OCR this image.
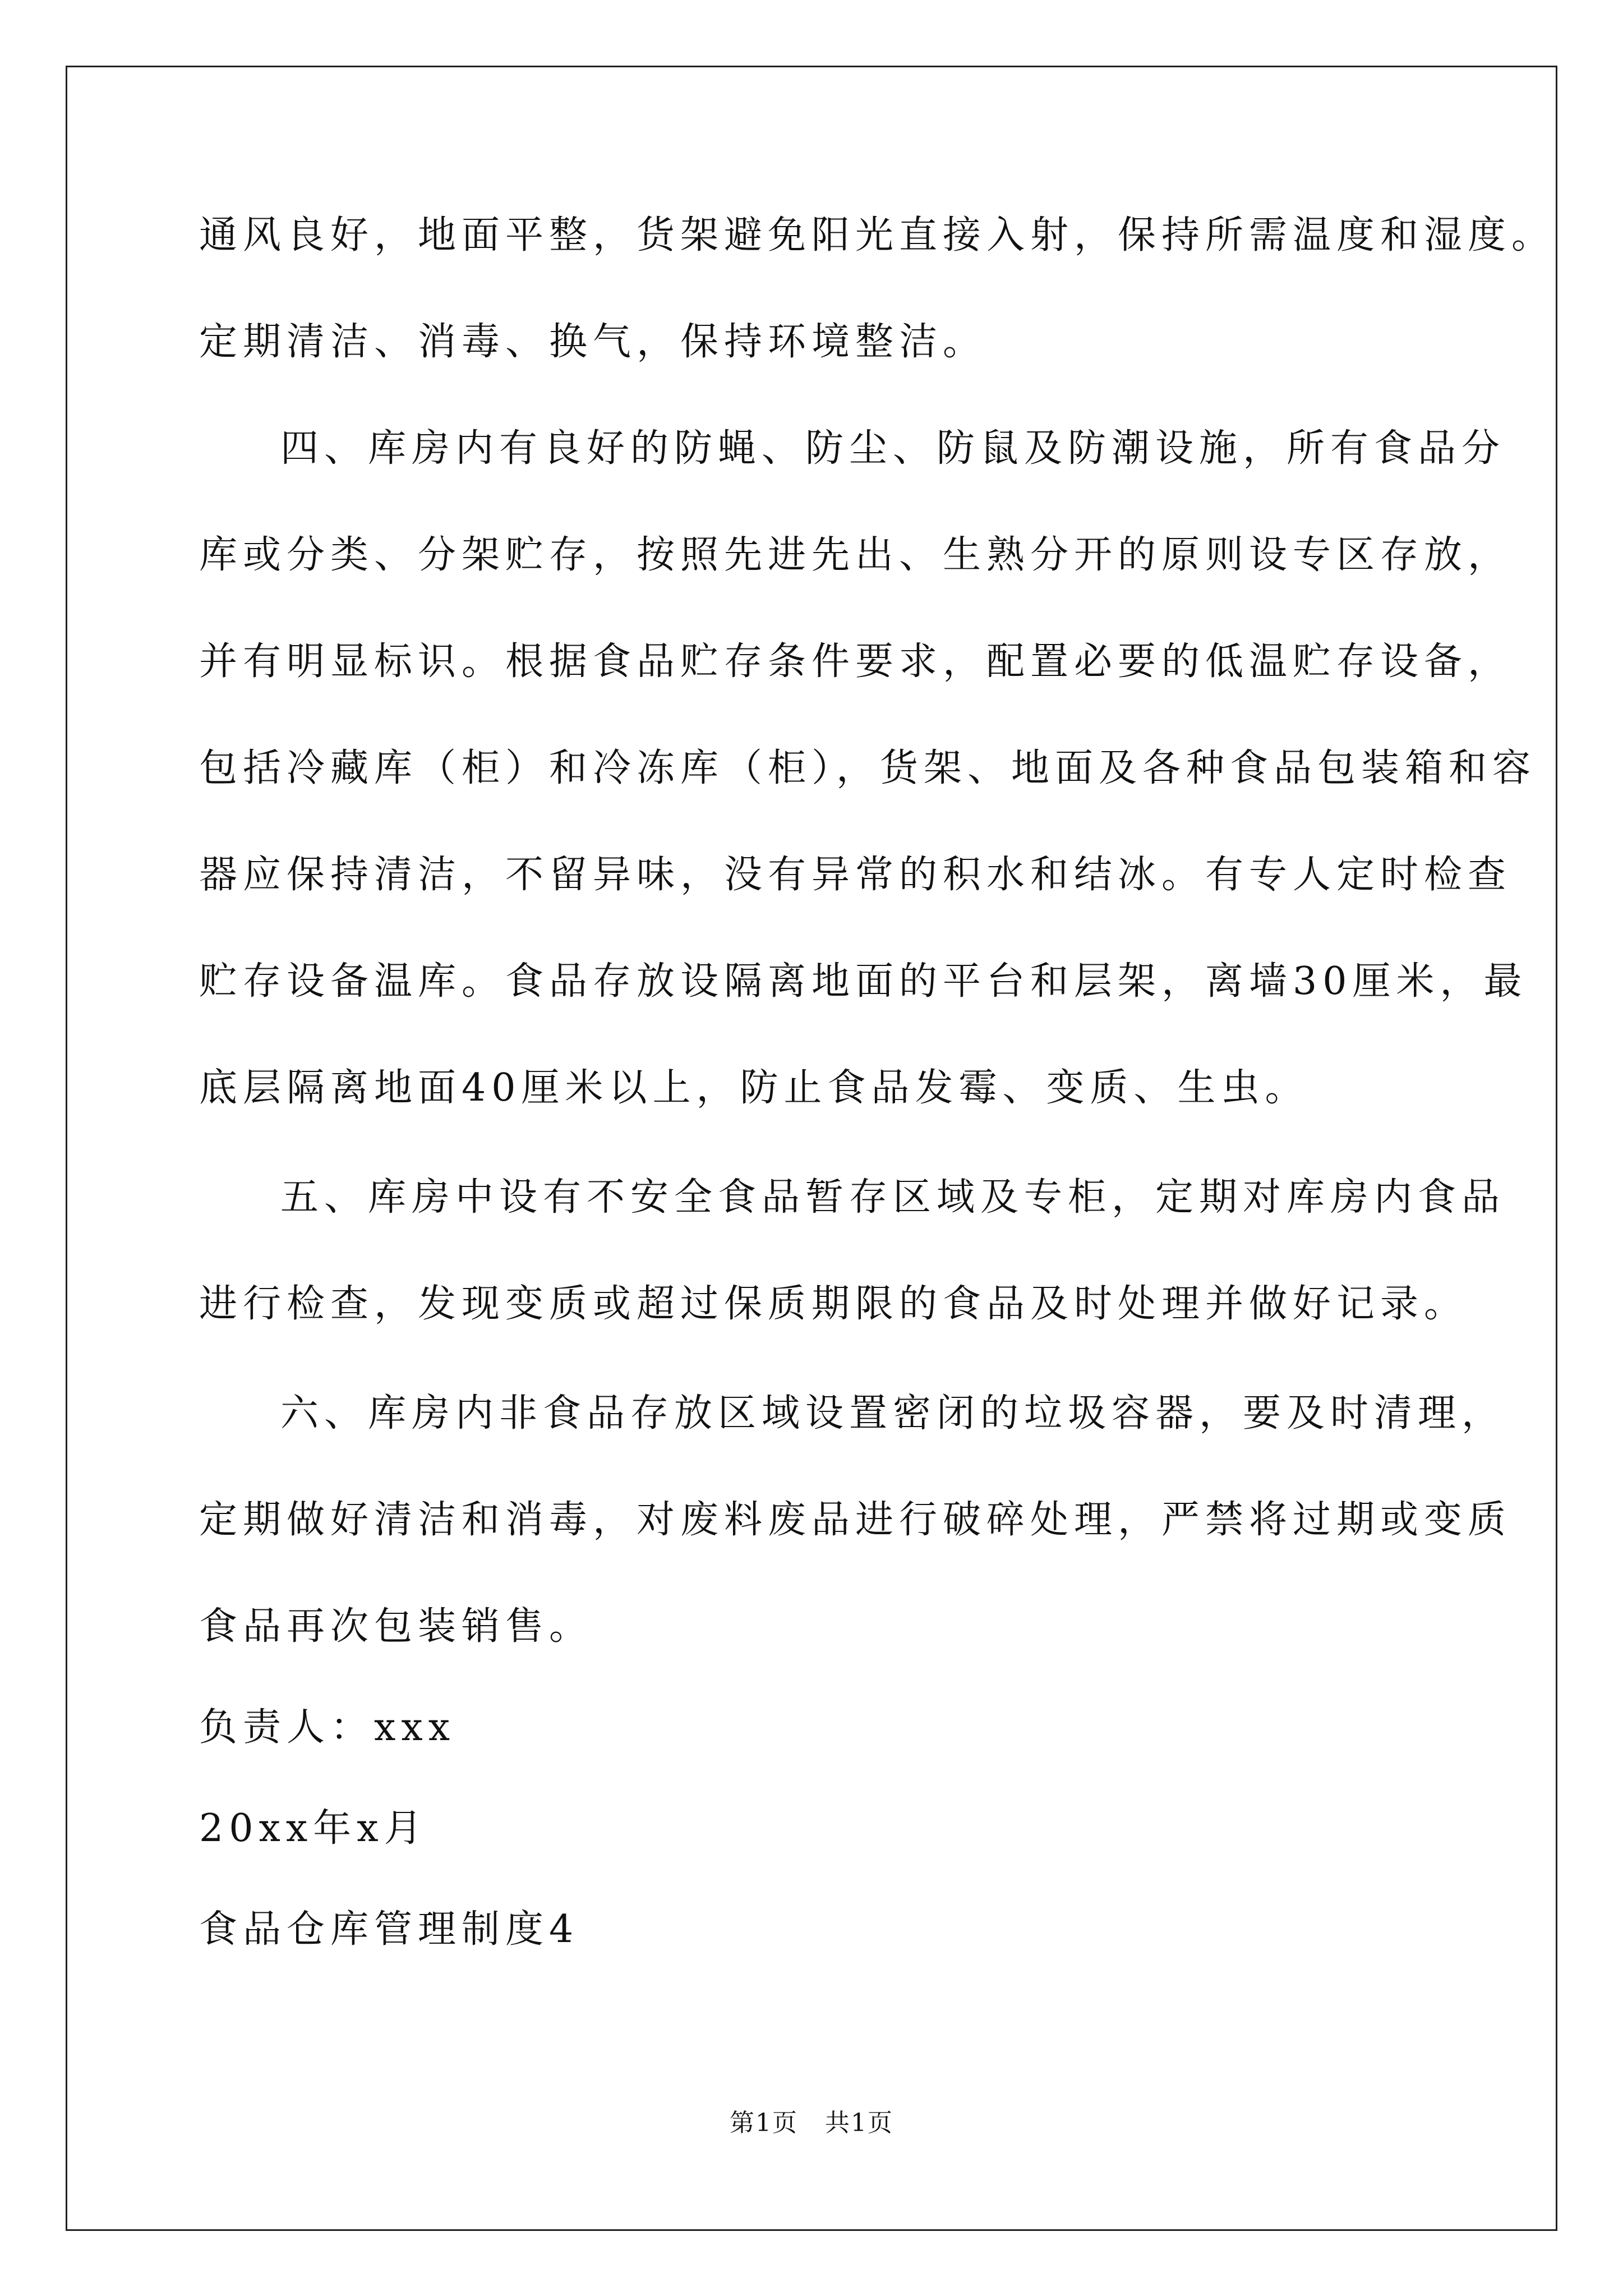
通风良好，地面平整，货架避免阳光直接入射，保持所需温度和湿度。
定期清洁、消毒、换气，保持环境整洁。
四、库房内有良好的防蝇、防尘、防鼠及防潮设施，所有食品分
库或分类、分架贮存，按照先进先出、生熟分开的原则设专区存放，
并有明显标识。根据食品贮存条件要求，配置必要的低温贮存设备，
包括冷藏库（柜）和冷冻库（柜），货架、地面及各种食品包装箱和容
器应保持清洁，不留异味，没有异常的积水和结冰。有专人定时检查
贮存设备温库。食品存放设隔离地面的平台和层架，离墙30厘米，最
底层隔离地面40厘米以上，防止食品发霉、变质、生虫。
五、库房中设有不安全食品暂存区域及专柜，定期对库房内食品
进行检查，发现变质或超过保质期限的食品及时处理并做好记录。
六、库房内非食品存放区域设置密闭的垃圾容器，要及时清理，
定期做好清洁和消毒，对废料废品进行破碎处理，严禁将过期或变质
食品再次包装销售。
负责人：xxx
20xx年x月
食品仓库管理制度4
第1页   共1页
